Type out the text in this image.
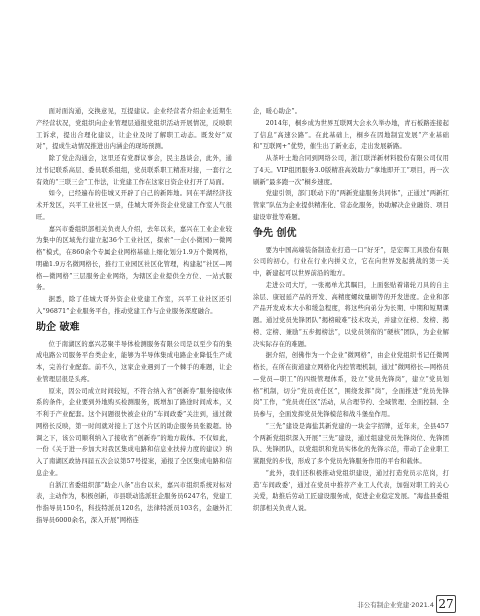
面对面沟通，交换意见，互提建议。企业经营者介绍企业近期生产经营状况，党组织向企业管理层通报党组织活动开展情况，反映职工诉求，提出合理化建议，让企业及时了解职工动态。既发好“双对”，提成生动情况推进出内涵企的现场预测。

除了党企沟通会，这里还有党群议事会，民主恳谈会，此外，通过书记联系高层、委员联系组组，党员联系职工精准对接，一套行之有效的“三联三会”工作法，让党建工作在这家日资企业打开了局面。

如今，已经遍布的佳城又开辟了自己的新阵地。同在平湖经济技术开发区，兴平工业社区一票，佳城大哥外资企业党建工作室人气很旺。

嘉兴市委组织部相关负责人介绍，去年以来，嘉兴在工业企业较为集中的区域先行建立起36个工业社区，探索“一企(小微园)一微网格”模式，在860余个专属企业网格基础上细化划分1.9万个微网格，明确1.9万名微网格长，推行工业园区社区化管理，构建起“社区—网格—微网格”三层服务企业网络，为辖区企业提供全方位、一站式服务。

据悉，除了佳城大哥外资企业党建工作室，兴平工业社区还引入“96871”企业服务平台，推动党建工作与企业服务深度融合。

助企 破难

位于南湖区的嘉兴芯聚半导体检测服务有限公司是以至少有的集成电路公司服务平台类企业，能够为半导体集成电路企业降低生产成本，完善行业配套。前不久，这家企业遇到了一个棘手的难题，让企业管理层很是头疼。

原来，因公司成立时间较短，不符合纳入省“创新券”服务接收体系的条件，企业要到外地购买检测服务，既增加了路途时间成本，又不利于产业配套。这个问题很快被企业的“车间政委”关注到，通过微网格长反映，第一时间就对接上了这个片区的助企服务员张毅超。协调之下，该公司顺利纳入了接收省“创新券”的地方载体。不仅如此，一份《关于进一步加大对我区集成电路和信息业扶持力度的建议》纳入了南湖区政协四届五次会议第57号提案，通报了全区集成电路和信息企业。

自浙江省委组织部“助企八条”出台以来，嘉兴市组织系统对标对表，主动作为，积极创新，市县联动选派驻企服务员6247名，党建工作指导员150名，科技特派员120名，法律特派员103名，金融外汇指导员6000余名，深入开展“网格连

企，暖心助企”。

2014年，桐乡成为世界互联网大会永久举办地，青石板路连接起了信息“高速公路”。在此基础上，桐乡在因地制宜发展“产业基础和“互联网+”优势，催生出了新业态，走出发展新路。

从茶叶土地合同到网络公司，浙江联洋新材料股份有限公司仅用了4天。VIP组团服务3.0版精准高效助力“拿地即开工”项目，再一次刷新“最多跑一次”桐乡速度。

党建引领，部门联动下的“两新党建服务共同体”，正通过“两新红管家”队伍为企业提供精准化、常态化服务，协助解决企业融资、项目建设审批等难题。

争先 创优

要为中国高端装备制造业打造一口“好牙”，是宏晖工具股份有限公司的初心，行业在行业内拼义立，它在向世界发起挑战的第一关中，新建起可以世界前沿的地方。

走进公司大厅，一张褐单尤其瞩目，上面张贴着诸轮刀具的自主涂层、康冠延产品的开发、高精度螺纹量刷等的开发进度。企业和部产品开发成本大小和缓急程度，将这些向弟分为长期、中期和短期课题。通过党员先锋团队“揭榜破难”技术攻关，并建立征榜、发榜、揭榜、定榜、兼励“五步揭榜法”，以党员领衔的“硬核”团队，为企业解决实际存在的难题。

据介绍，创佛作为一个企业“微网格”，由企业党组织书记任微网格长，在所在街道建立网格化内控管理机制，通过“微网格长—网格员—党员—职工”的四级管理体系，设立“党员先锋岗”，建立“党员划格”机制，切分“党员责任区”，围绕发挥“岗”，全面推进“党员先锋岗”工作，“党员责任区”活动，从合理节约、全域管理、全面控制、全员参与，全面发挥党员先锋模范和战斗堡垒作用。

“三先”建设是海盐其新党建的一块金字招牌，近年来，全县457个两新党组织深入开展“三先”建设，通过组建党员先锋岗位、先锋团队、先锋团队，以党组织和党员实体化的先锋示范，带动了企业职工紧跟党的步伐，形成了多个党员先锋服务作用的平台和载体。

“此外，我们还积极推动党组织建设，通过打造党员示范岗，打造‘车间政委’，通过在党员中推荐产业工人代表，加强对职工的关心关爱，助推后劳动工匠建设服务成，促进企业稳定发展。“海盐县委组织部相关负责人说。

非公有制企业党建·2021.4 27
